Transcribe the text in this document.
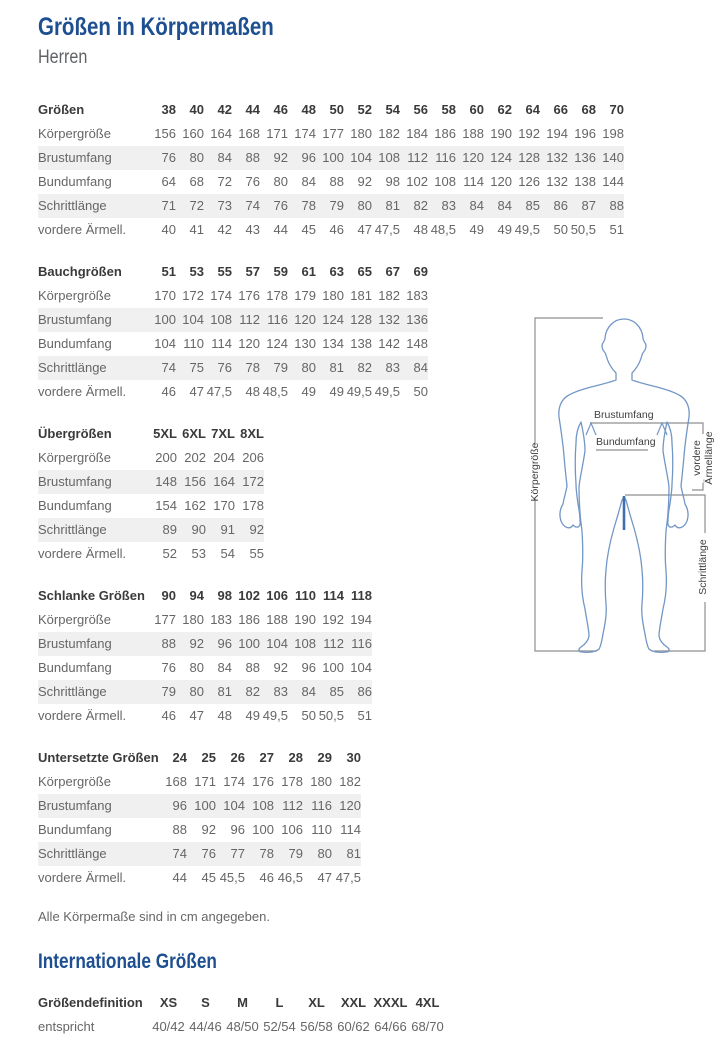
Größen in Körpermaßen
Herren
Größen	38	40	42	44	46	48	50	52	54	56	58	60	62	64	66	68	70
Körpergröße	156 160 164 168 171 174 177 180 182 184 186 188 190 192 194 196 198
Brustumfang	76	80	84	88	92	96 100 104 108 112 116 120 124 128 132 136 140
Bundumfang	64	68	72	76	80	84	88	92	98 102 108 114 120 126 132 138 144
Schrittlänge	71	72	73	74	76	78	79	80	81	82	83	84	84	85	86	87	88
vordere Ärmell.	40	41	42	43	44	45	46	47 47,5	48 48,5	49	49 49,5	50 50,5	51
Bauchgrößen	51	53	55	57	59	61	63	65	67	69
Körpergröße	170 172 174 176 178 179 180 181 182 183
Brustumfang	100 104 108 112 116 120 124 128 132 136
Bundumfang	104 110 114 120 124 130 134 138 142 148
Schrittlänge	74	75	76	78	79	80	81	82	83	84
vordere Ärmell.	46	47 47,5	48 48,5	49	49 49,5 49,5	50
Übergrößen	5XL 6XL 7XL 8XL
Körpergröße	200 202 204 206
Brustumfang	148 156 164 172
Bundumfang	154 162 170 178
Schrittlänge	89	90	91	92
vordere Ärmell.	52	53	54	55
Schlanke Größen	90	94	98 102 106 110 114 118
Körpergröße	177 180 183 186 188 190 192 194
Brustumfang	88	92	96 100 104 108 112 116
Bundumfang	76	80	84	88	92	96 100 104
Schrittlänge	79	80	81	82	83	84	85	86
vordere Ärmell.	46	47	48	49 49,5	50 50,5	51
Untersetzte Größen	24	25	26	27	28	29	30
Körpergröße	168 171 174 176 178 180 182
Brustumfang	96 100 104 108 112 116 120
Bundumfang	88	92	96 100 106 110 114
Schrittlänge	74	76	77	78	79	80	81
vordere Ärmell.	44	45 45,5	46 46,5	47 47,5

Alle Körpermaße sind in cm angegeben.

Internationale Größen
Größendefinition	XS	S	M	L	XL	XXL XXXL 4XL
entspricht	40/42 44/46 48/50 52/54 56/58 60/62 64/66 68/70
Körpergröße
Brustumfang
Bundumfang	vordere Ärmellänge
Schrittlänge
